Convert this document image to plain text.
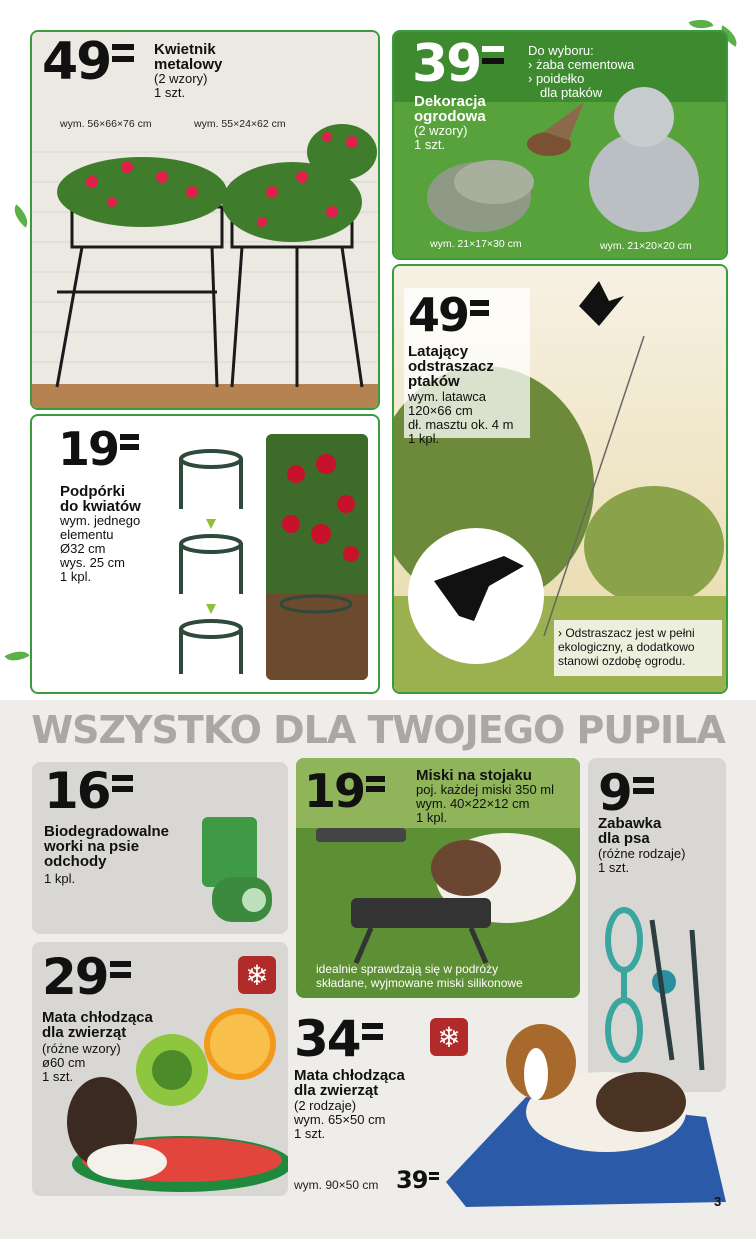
49	Kwietnik
metalowy
(2 wzory)
1 szt.
wym. 56×66×76 cm	wym. 55×24×62 cm
39
Dekoracja
ogrodowa
(2 wzory)
1 szt.
Do wyboru:
› żaba cementowa
› poidełko
dla ptaków
wym. 21×17×30 cm	wym. 21×20×20 cm
49
Latający
odstraszacz
ptaków
wym. latawca
120×66 cm
dł. masztu ok. 4 m
1 kpl.
› Odstraszacz jest w pełni
ekologiczny, a dodatkowo
stanowi ozdobę ogrodu.
19
Podpórki
do kwiatów
wym. jednego
elementu
Ø32 cm
wys. 25 cm
1 kpl.
WSZYSTKO DLA TWOJEGO PUPILA
16
Biodegradowalne
worki na psie
odchody
1 kpl.
19	Miski na stojaku
poj. każdej miski 350 ml
wym. 40×22×12 cm
1 kpl.
idealnie sprawdzają się w podróży
składane, wyjmowane miski silikonowe
9
Zabawka
dla psa
(różne rodzaje)
1 szt.
❄
29
Mata chłodząca
dla zwierząt
(różne wzory)
ø60 cm
1 szt.
❄
34
Mata chłodząca
dla zwierząt
(2 rodzaje)
wym. 65×50 cm
1 szt.
wym. 90×50 cm 39
3
